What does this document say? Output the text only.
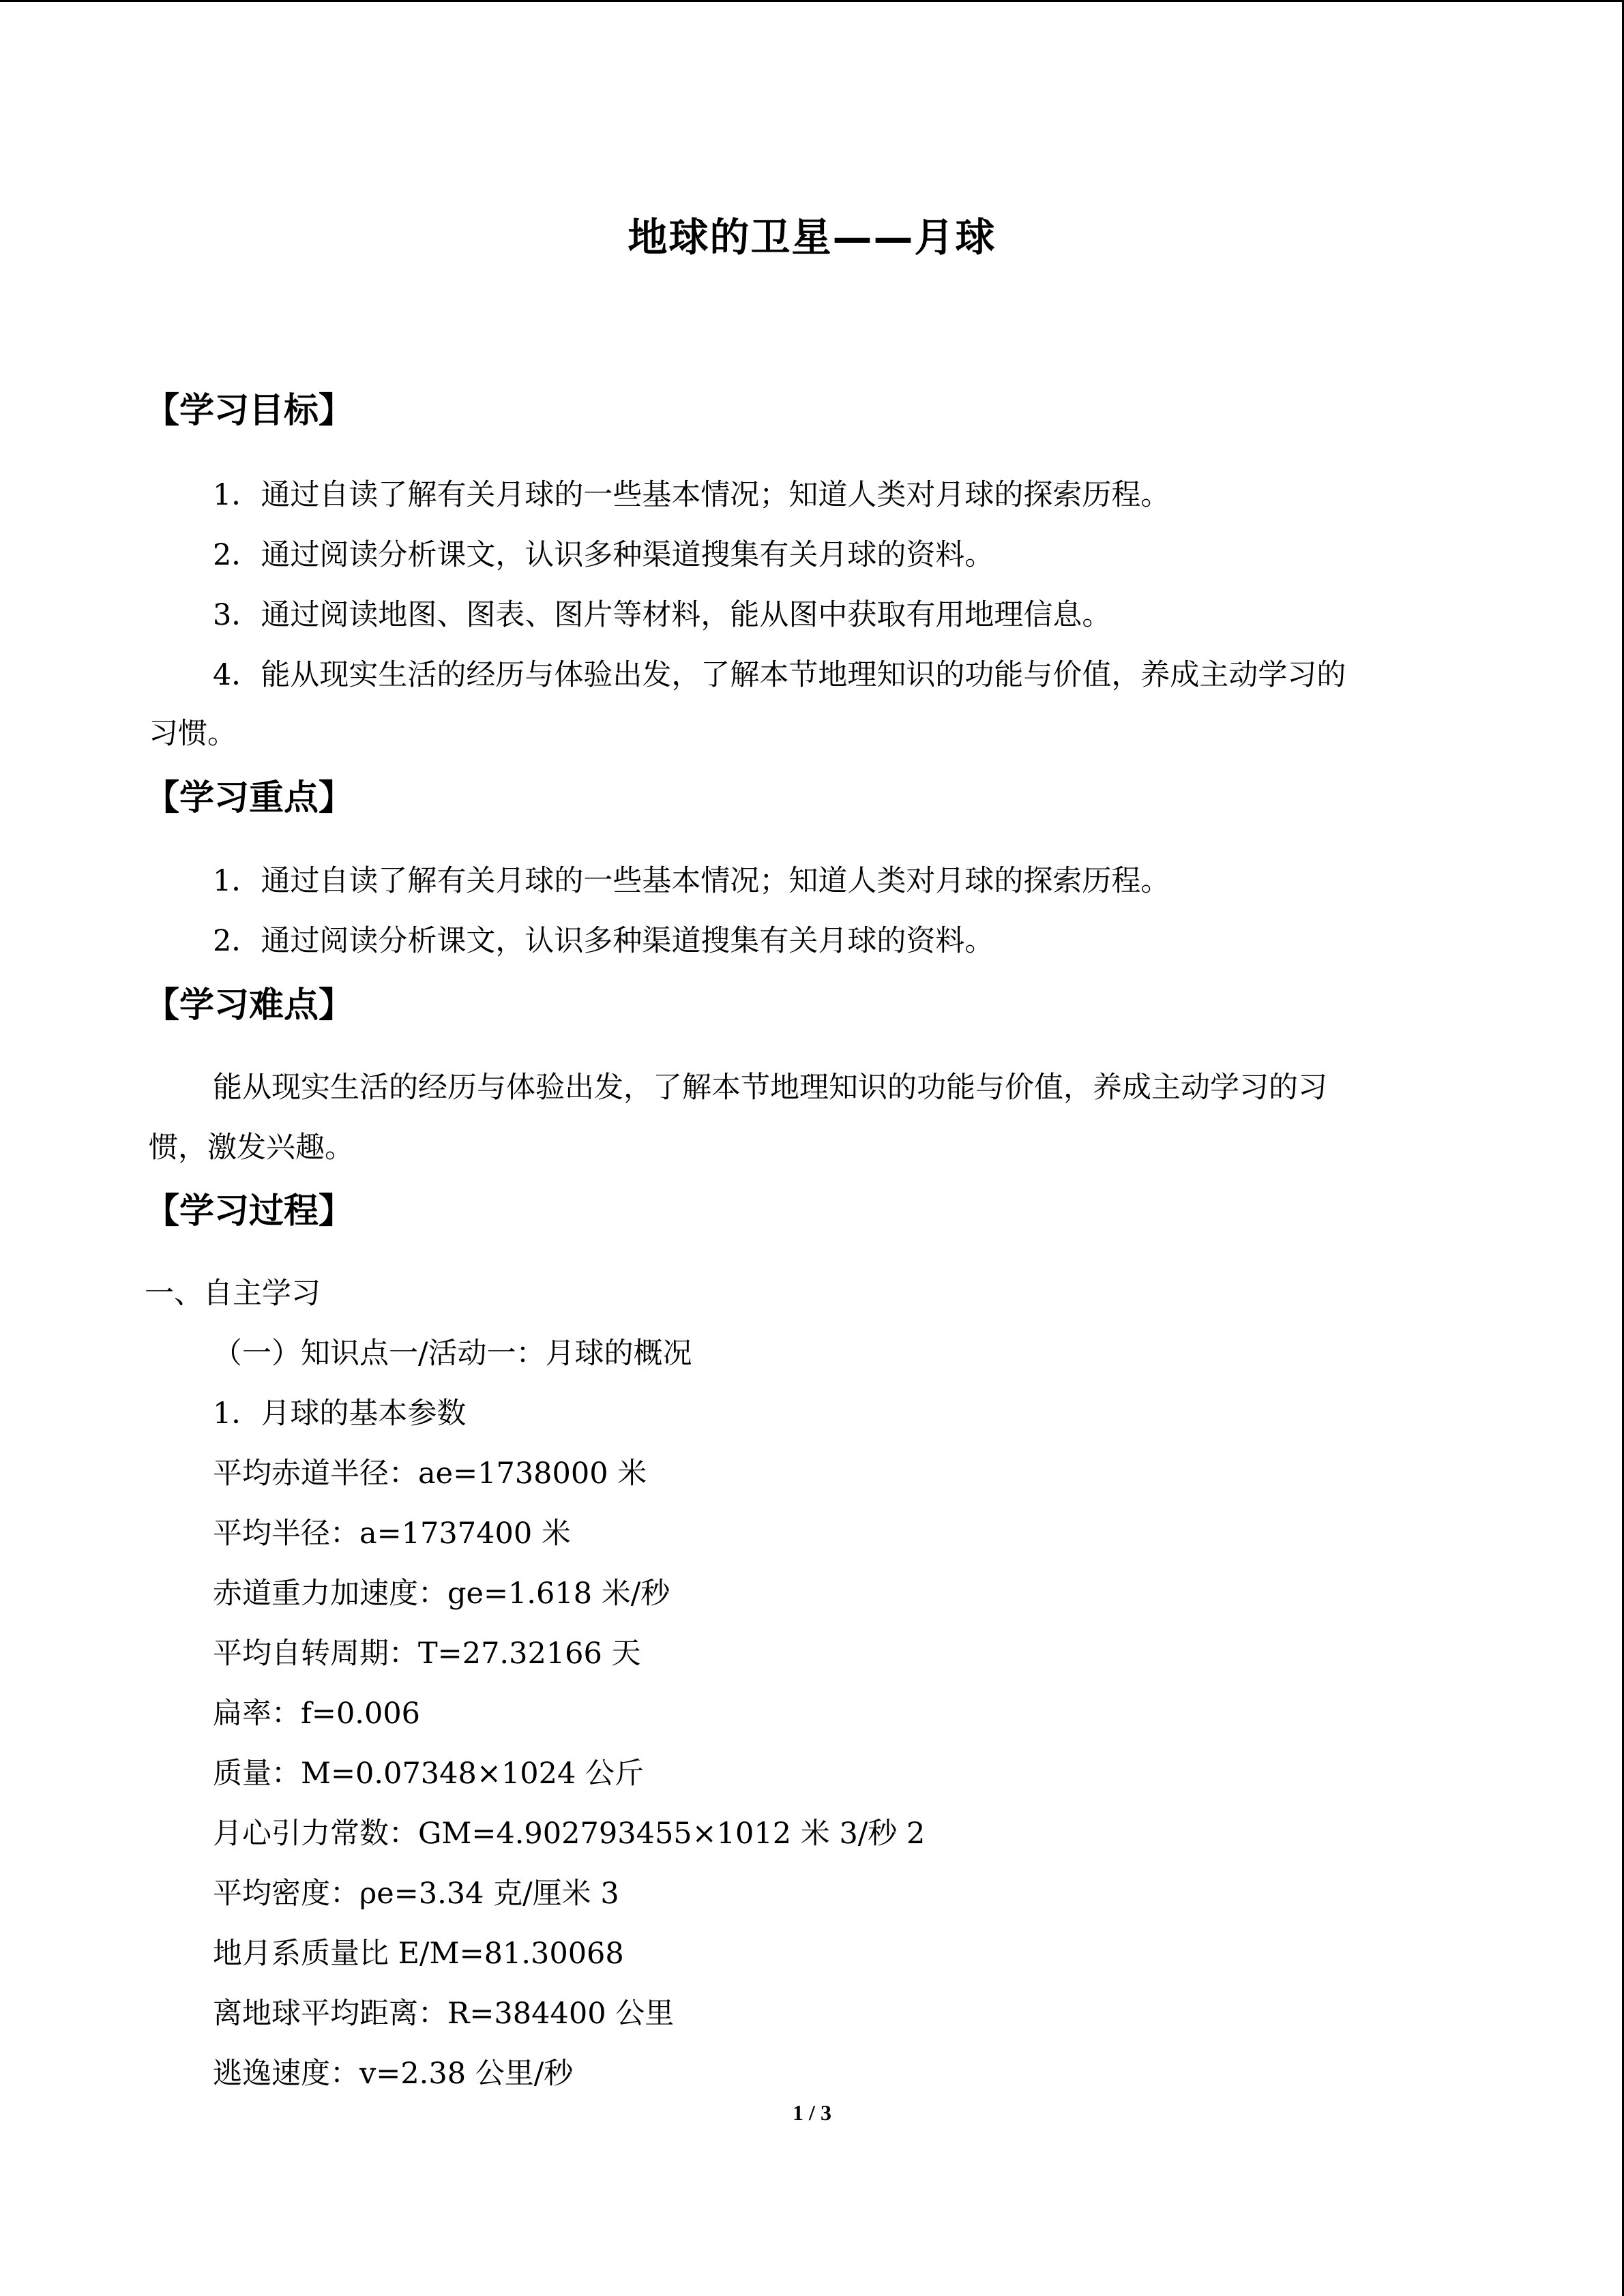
地球的卫星——月球
【学习目标】
1．通过自读了解有关月球的一些基本情况；知道人类对月球的探索历程。
2．通过阅读分析课文，认识多种渠道搜集有关月球的资料。
3．通过阅读地图、图表、图片等材料，能从图中获取有用地理信息。
4．能从现实生活的经历与体验出发，了解本节地理知识的功能与价值，养成主动学习的
习惯。
【学习重点】
1．通过自读了解有关月球的一些基本情况；知道人类对月球的探索历程。
2．通过阅读分析课文，认识多种渠道搜集有关月球的资料。
【学习难点】
能从现实生活的经历与体验出发，了解本节地理知识的功能与价值，养成主动学习的习
惯，激发兴趣。
【学习过程】
一、自主学习
（一）知识点一/活动一：月球的概况
1．月球的基本参数
平均赤道半径：ae=1738000 米
平均半径：a=1737400 米
赤道重力加速度：ge=1.618 米/秒
平均自转周期：T=27.32166 天
扁率：f=0.006
质量：M=0.07348×1024 公斤
月心引力常数：GM=4.902793455×1012 米 3/秒 2
平均密度：ρe=3.34 克/厘米 3
地月系质量比 E/M=81.30068
离地球平均距离：R=384400 公里
逃逸速度：v=2.38 公里/秒
1 / 3
